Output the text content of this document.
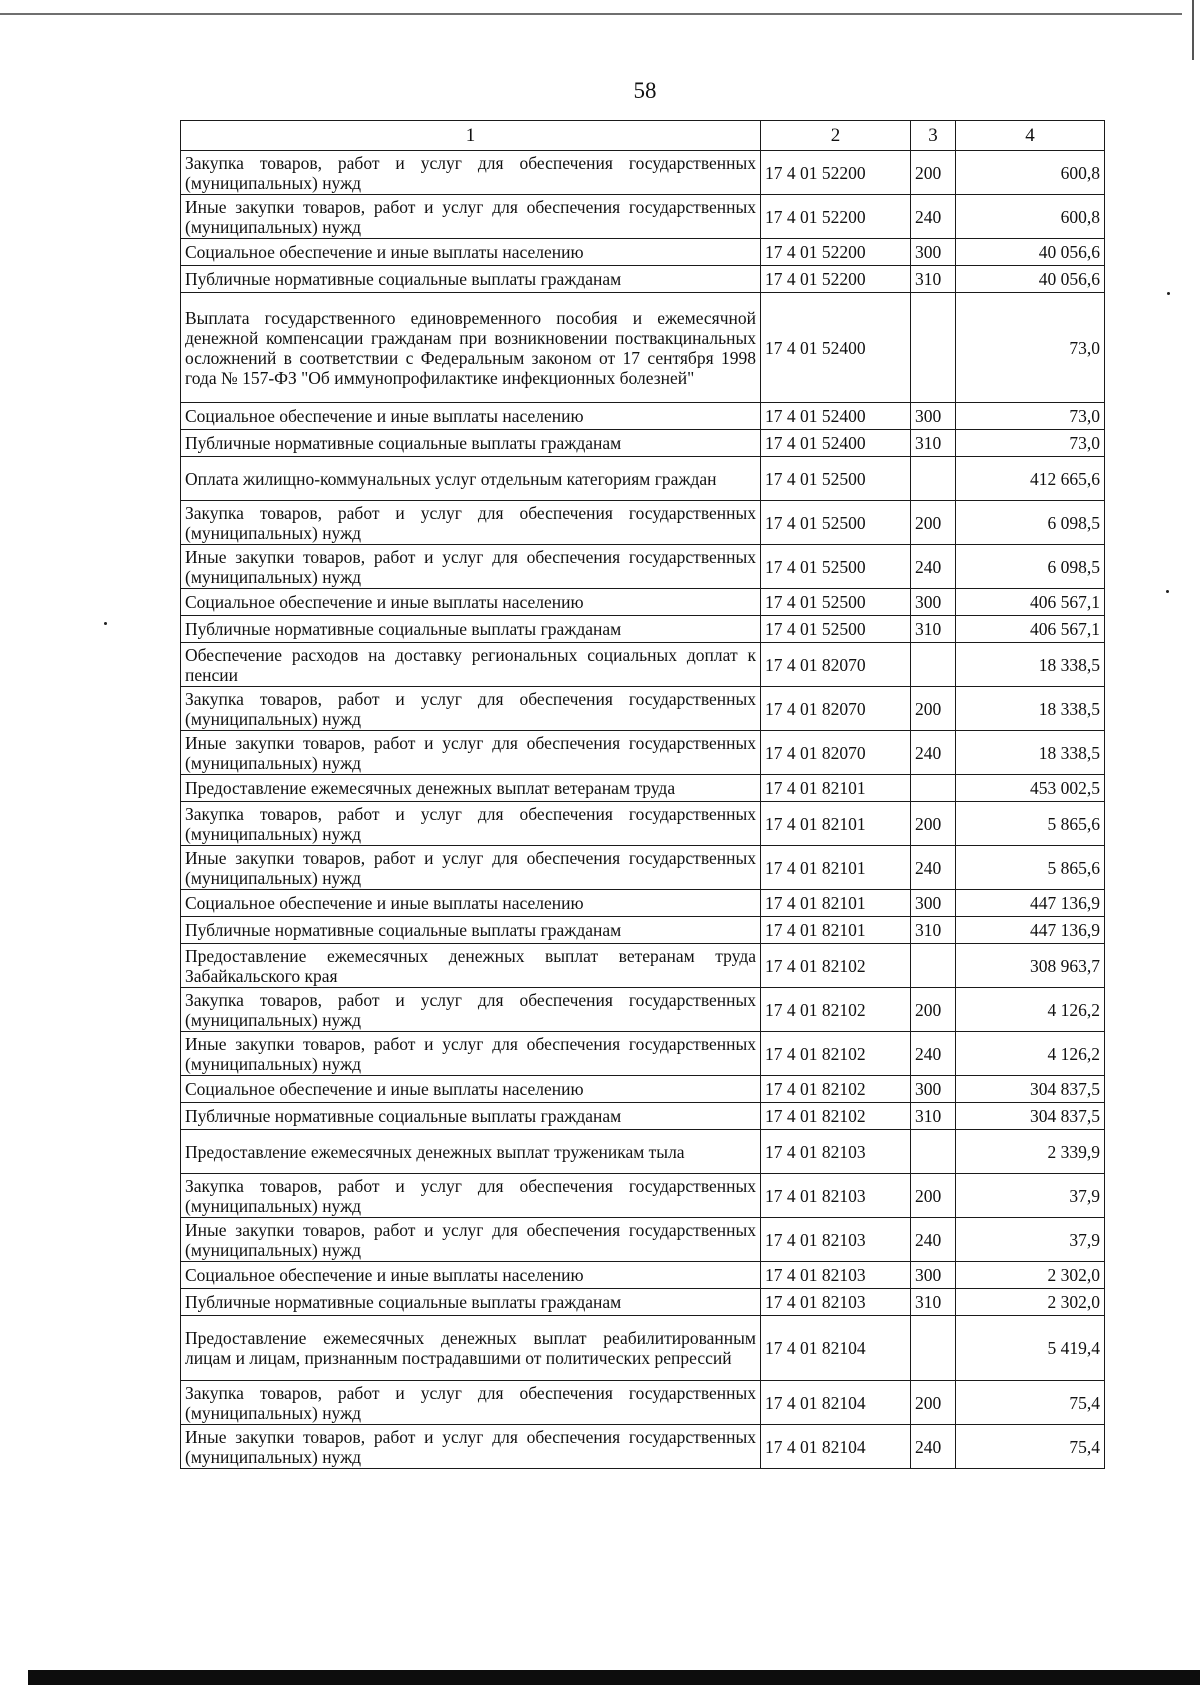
58
1	2	3	4
Закупка товаров, работ и услуг для обеспечения государственных (муниципальных) нужд	17 4 01 52200	200	600,8
Иные закупки товаров, работ и услуг для обеспечения государственных (муниципальных) нужд	17 4 01 52200	240	600,8
Социальное обеспечение и иные выплаты населению	17 4 01 52200	300	40 056,6
Публичные нормативные социальные выплаты гражданам	17 4 01 52200	310	40 056,6
Выплата государственного единовременного пособия и ежемесячной денежной компенсации гражданам при возникновении поствакцинальных осложнений в соответствии с Федеральным законом от 17 сентября 1998 года № 157-ФЗ "Об иммунопрофилактике инфекционных болезней"	17 4 01 52400		73,0
Социальное обеспечение и иные выплаты населению	17 4 01 52400	300	73,0
Публичные нормативные социальные выплаты гражданам	17 4 01 52400	310	73,0
Оплата жилищно-коммунальных услуг отдельным категориям граждан	17 4 01 52500		412 665,6
Закупка товаров, работ и услуг для обеспечения государственных (муниципальных) нужд	17 4 01 52500	200	6 098,5
Иные закупки товаров, работ и услуг для обеспечения государственных (муниципальных) нужд	17 4 01 52500	240	6 098,5
Социальное обеспечение и иные выплаты населению	17 4 01 52500	300	406 567,1
Публичные нормативные социальные выплаты гражданам	17 4 01 52500	310	406 567,1
Обеспечение расходов на доставку региональных социальных доплат к пенсии	17 4 01 82070		18 338,5
Закупка товаров, работ и услуг для обеспечения государственных (муниципальных) нужд	17 4 01 82070	200	18 338,5
Иные закупки товаров, работ и услуг для обеспечения государственных (муниципальных) нужд	17 4 01 82070	240	18 338,5
Предоставление ежемесячных денежных выплат ветеранам труда	17 4 01 82101		453 002,5
Закупка товаров, работ и услуг для обеспечения государственных (муниципальных) нужд	17 4 01 82101	200	5 865,6
Иные закупки товаров, работ и услуг для обеспечения государственных (муниципальных) нужд	17 4 01 82101	240	5 865,6
Социальное обеспечение и иные выплаты населению	17 4 01 82101	300	447 136,9
Публичные нормативные социальные выплаты гражданам	17 4 01 82101	310	447 136,9
Предоставление ежемесячных денежных выплат ветеранам труда Забайкальского края	17 4 01 82102		308 963,7
Закупка товаров, работ и услуг для обеспечения государственных (муниципальных) нужд	17 4 01 82102	200	4 126,2
Иные закупки товаров, работ и услуг для обеспечения государственных (муниципальных) нужд	17 4 01 82102	240	4 126,2
Социальное обеспечение и иные выплаты населению	17 4 01 82102	300	304 837,5
Публичные нормативные социальные выплаты гражданам	17 4 01 82102	310	304 837,5
Предоставление ежемесячных денежных выплат труженикам тыла	17 4 01 82103		2 339,9
Закупка товаров, работ и услуг для обеспечения государственных (муниципальных) нужд	17 4 01 82103	200	37,9
Иные закупки товаров, работ и услуг для обеспечения государственных (муниципальных) нужд	17 4 01 82103	240	37,9
Социальное обеспечение и иные выплаты населению	17 4 01 82103	300	2 302,0
Публичные нормативные социальные выплаты гражданам	17 4 01 82103	310	2 302,0
Предоставление ежемесячных денежных выплат реабилитированным лицам и лицам, признанным пострадавшими от политических репрессий	17 4 01 82104		5 419,4
Закупка товаров, работ и услуг для обеспечения государственных (муниципальных) нужд	17 4 01 82104	200	75,4
Иные закупки товаров, работ и услуг для обеспечения государственных (муниципальных) нужд	17 4 01 82104	240	75,4
